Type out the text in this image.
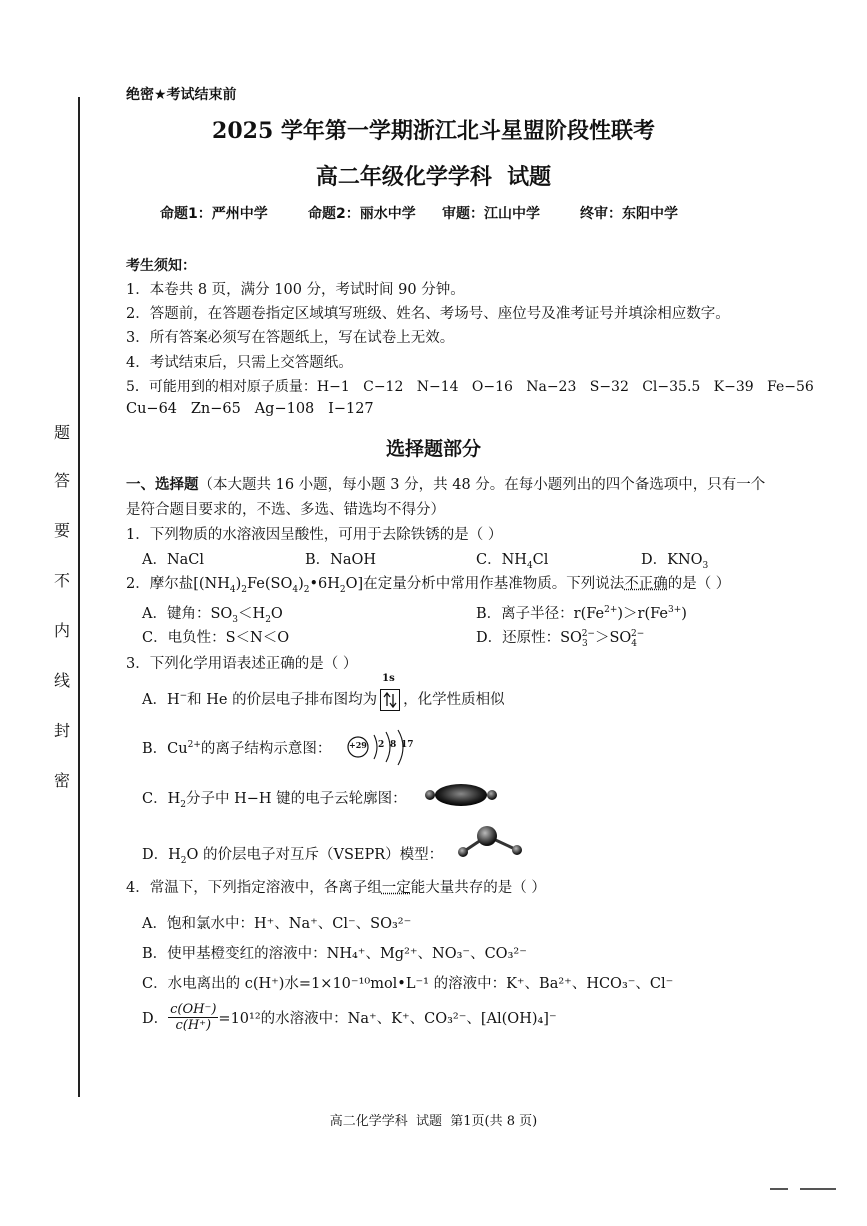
题
答
要
不
内
线
封
密
绝密★考试结束前
2025 学年第一学期浙江北斗星盟阶段性联考
高二年级化学学科  试题
命题1：严州中学	命题2：丽水中学 审题：江山中学	终审：东阳中学
考生须知：
1．本卷共 8 页，满分 100 分，考试时间 90 分钟。
2．答题前，在答题卷指定区域填写班级、姓名、考场号、座位号及准考证号并填涂相应数字。
3．所有答案必须写在答题纸上，写在试卷上无效。
4．考试结束后，只需上交答题纸。
5．可能用到的相对原子质量：H−1   C−12   N−14   O−16   Na−23   S−32   Cl−35.5   K−39   Fe−56
Cu−64   Zn−65   Ag−108   I−127
选择题部分
一、选择题（本大题共 16 小题，每小题 3 分，共 48 分。在每小题列出的四个备选项中，只有一个
是符合题目要求的，不选、多选、错选均不得分）
1．下列物质的水溶液因呈酸性，可用于去除铁锈的是（ ）
A．NaCl	B．NaOH	C．$NH_4Cl$	D．$KNO_3$
2．摩尔盐$[(NH_4)_2Fe(SO_4)_2•6H_2O]$在定量分析中常用作基准物质。下列说法不正确的是（ ）
A．键角：$SO_3<H_2O$	B．离子半径：$r(Fe^{2+})>r(Fe^{3+})$
C．电负性：S＜N＜O	D．还原性：$SO_3^{2-}>SO_4^{2-}$
3．下列化学用语表述正确的是（ ）
A．H−和 He 的价层电子排布图均为
1s
，化学性质相似
B．$Cu^{2+}$的离子结构示意图： +29 2 8 17
C．$H_2$分子中 H−H 键的电子云轮廓图：
D．$H_2O$ 的价层电子对互斥（VSEPR）模型：
4．常温下，下列指定溶液中，各离子组一定能大量共存的是（ ）
A．饱和氯水中：H⁺、Na⁺、Cl⁻、SO₃²⁻
B．使甲基橙变红的溶液中：NH₄⁺、Mg²⁺、NO₃⁻、CO₃²⁻
C．水电离出的 c(H⁺)水=1×10⁻¹⁰mol•L⁻¹ 的溶液中：K⁺、Ba²⁺、HCO₃⁻、Cl⁻
D． $\frac{c(OH^-)}{c(H^+)} =10^{12}$的水溶液中：Na⁺、K⁺、CO₃²⁻、[Al(OH)₄]⁻
高二化学学科  试题  第1页(共 8 页)
